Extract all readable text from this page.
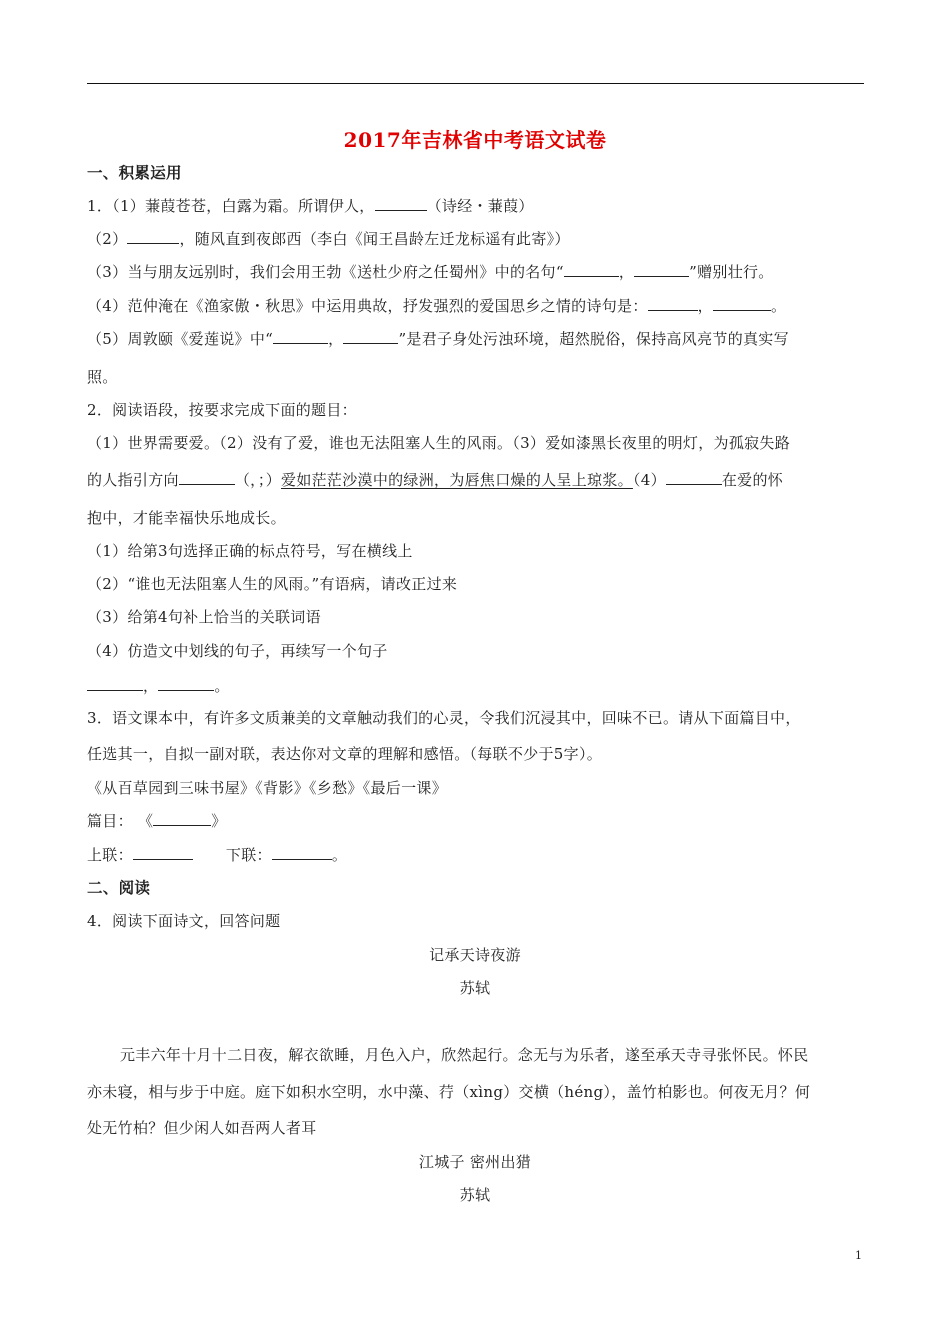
2017年吉林省中考语文试卷
一、积累运用
1．（1）蒹葭苍苍，白露为霜。所谓伊人，	（诗经・蒹葭）
（2）	，随风直到夜郎西（李白《闻王昌龄左迁龙标遥有此寄》）
（3）当与朋友远别时，我们会用王勃《送杜少府之任蜀州》中的名句“	，	”赠别壮行。
（4）范仲淹在《渔家傲・秋思》中运用典故，抒发强烈的爱国思乡之情的诗句是：	，	。
（5）周敦颐《爱莲说》中“	，	”是君子身处污浊环境，超然脱俗，保持高风亮节的真实写
照。
2．阅读语段，按要求完成下面的题目：
（1）世界需要爱。（2）没有了爱，谁也无法阻塞人生的风雨。（3）爱如漆黑长夜里的明灯，为孤寂失路
的人指引方向	（，；）爱如茫茫沙漠中的绿洲，为唇焦口燥的人呈上琼浆。（4）	在爱的怀
抱中，才能幸福快乐地成长。
（1）给第3句选择正确的标点符号，写在横线上
（2）“谁也无法阻塞人生的风雨。”有语病，请改正过来
（3）给第4句补上恰当的关联词语
（4）仿造文中划线的句子，再续写一个句子
，	。
3．语文课本中，有许多文质兼美的文章触动我们的心灵，令我们沉浸其中，回味不已。请从下面篇目中，
任选其一，自拟一副对联，表达你对文章的理解和感悟。（每联不少于5字）。
《从百草园到三味书屋》《背影》《乡愁》《最后一课》
篇目： 《	》
上联：	下联：	。
二、阅读
4．阅读下面诗文，回答问题
记承天诗夜游
苏轼
元丰六年十月十二日夜，解衣欲睡，月色入户，欣然起行。念无与为乐者，遂至承天寺寻张怀民。怀民
亦未寝，相与步于中庭。庭下如积水空明，水中藻、荇（xìng）交横（héng），盖竹柏影也。何夜无月？何
处无竹柏？但少闲人如吾两人者耳
江城子 密州出猎
苏轼
1
